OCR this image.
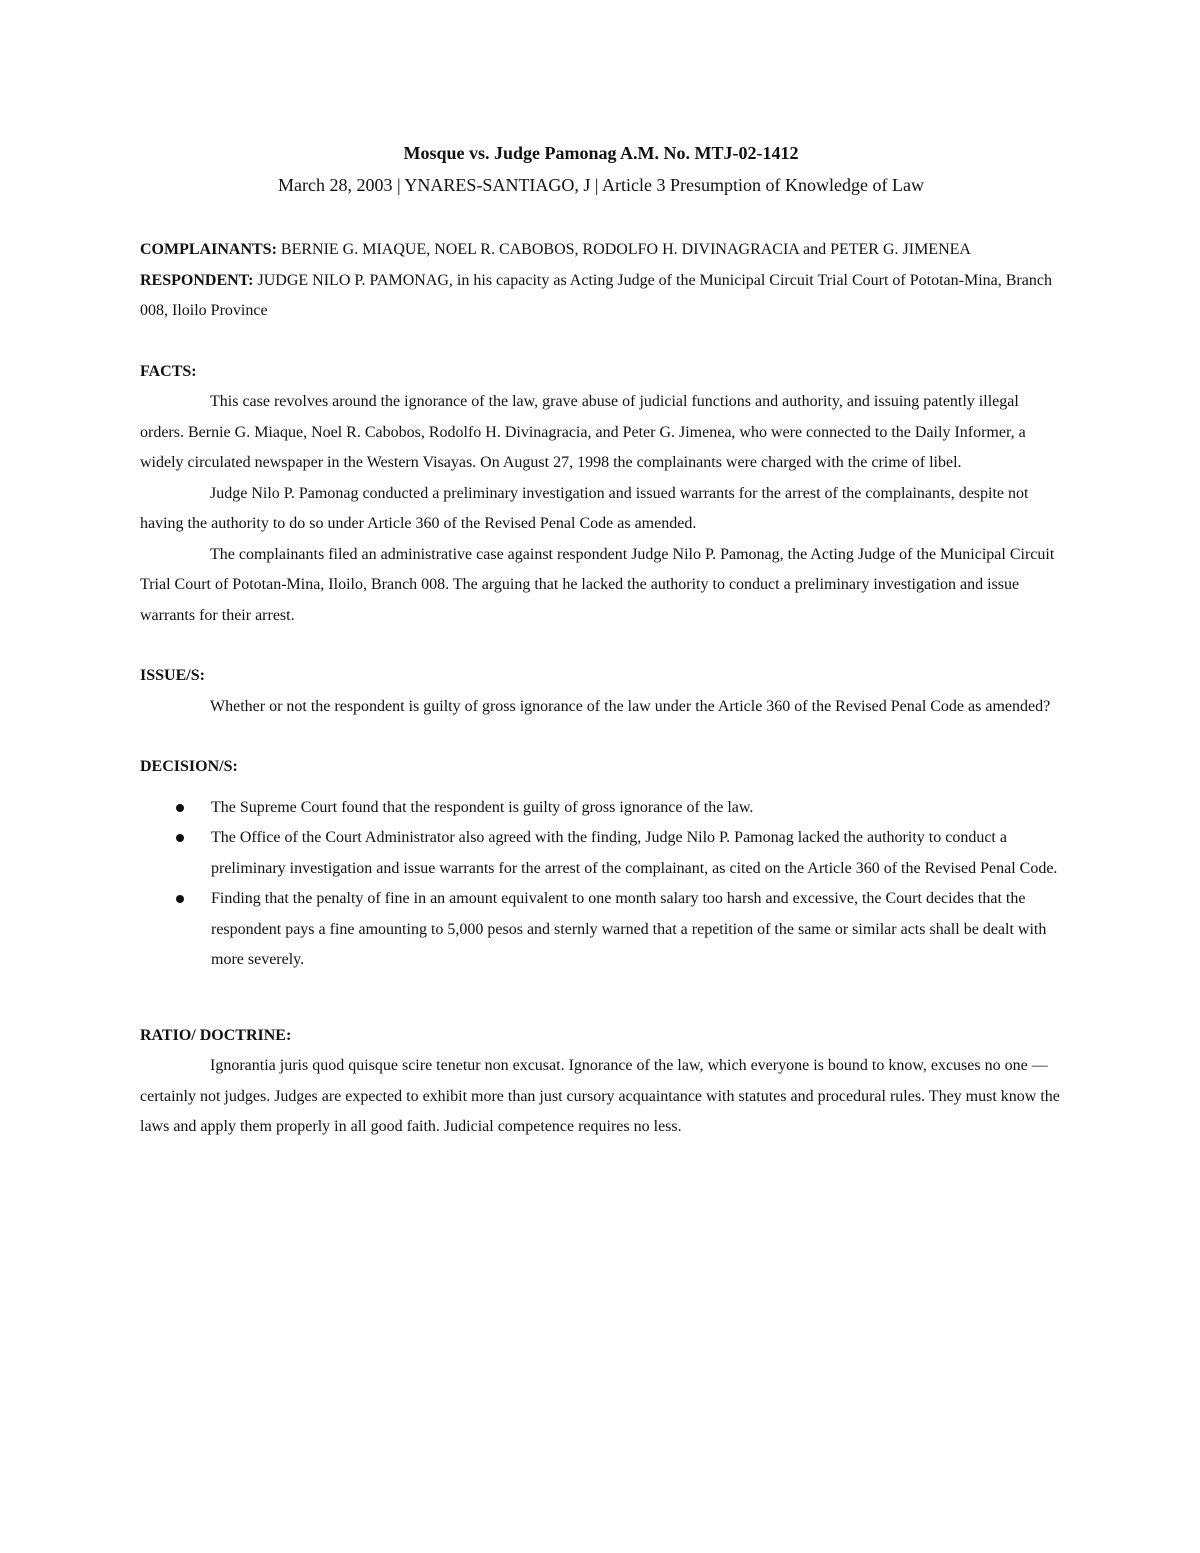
Mosque vs. Judge Pamonag A.M. No. MTJ-02-1412

March 28, 2003 | YNARES-SANTIAGO, J | Article 3 Presumption of Knowledge of Law

COMPLAINANTS: BERNIE G. MIAQUE, NOEL R. CABOBOS, RODOLFO H. DIVINAGRACIA and PETER G. JIMENEA

RESPONDENT: JUDGE NILO P. PAMONAG, in his capacity as Acting Judge of the Municipal Circuit Trial Court of Pototan-Mina, Branch 008, Iloilo Province

FACTS:

This case revolves around the ignorance of the law, grave abuse of judicial functions and authority, and issuing patently illegal orders. Bernie G. Miaque, Noel R. Cabobos, Rodolfo H. Divinagracia, and Peter G. Jimenea, who were connected to the Daily Informer, a widely circulated newspaper in the Western Visayas. On August 27, 1998 the complainants were charged with the crime of libel.

Judge Nilo P. Pamonag conducted a preliminary investigation and issued warrants for the arrest of the complainants, despite not having the authority to do so under Article 360 of the Revised Penal Code as amended.

The complainants filed an administrative case against respondent Judge Nilo P. Pamonag, the Acting Judge of the Municipal Circuit Trial Court of Pototan-Mina, Iloilo, Branch 008. The arguing that he lacked the authority to conduct a preliminary investigation and issue warrants for their arrest.

ISSUE/S:

Whether or not the respondent is guilty of gross ignorance of the law under the Article 360 of the Revised Penal Code as amended?

DECISION/S:

The Supreme Court found that the respondent is guilty of gross ignorance of the law.
The Office of the Court Administrator also agreed with the finding, Judge Nilo P. Pamonag lacked the authority to conduct a preliminary investigation and issue warrants for the arrest of the complainant, as cited on the Article 360 of the Revised Penal Code.
Finding that the penalty of fine in an amount equivalent to one month salary too harsh and excessive, the Court decides that the respondent pays a fine amounting to 5,000 pesos and sternly warned that a repetition of the same or similar acts shall be dealt with more severely.

RATIO/ DOCTRINE:

Ignorantia juris quod quisque scire tenetur non excusat. Ignorance of the law, which everyone is bound to know, excuses no one — certainly not judges. Judges are expected to exhibit more than just cursory acquaintance with statutes and procedural rules. They must know the laws and apply them properly in all good faith. Judicial competence requires no less.
